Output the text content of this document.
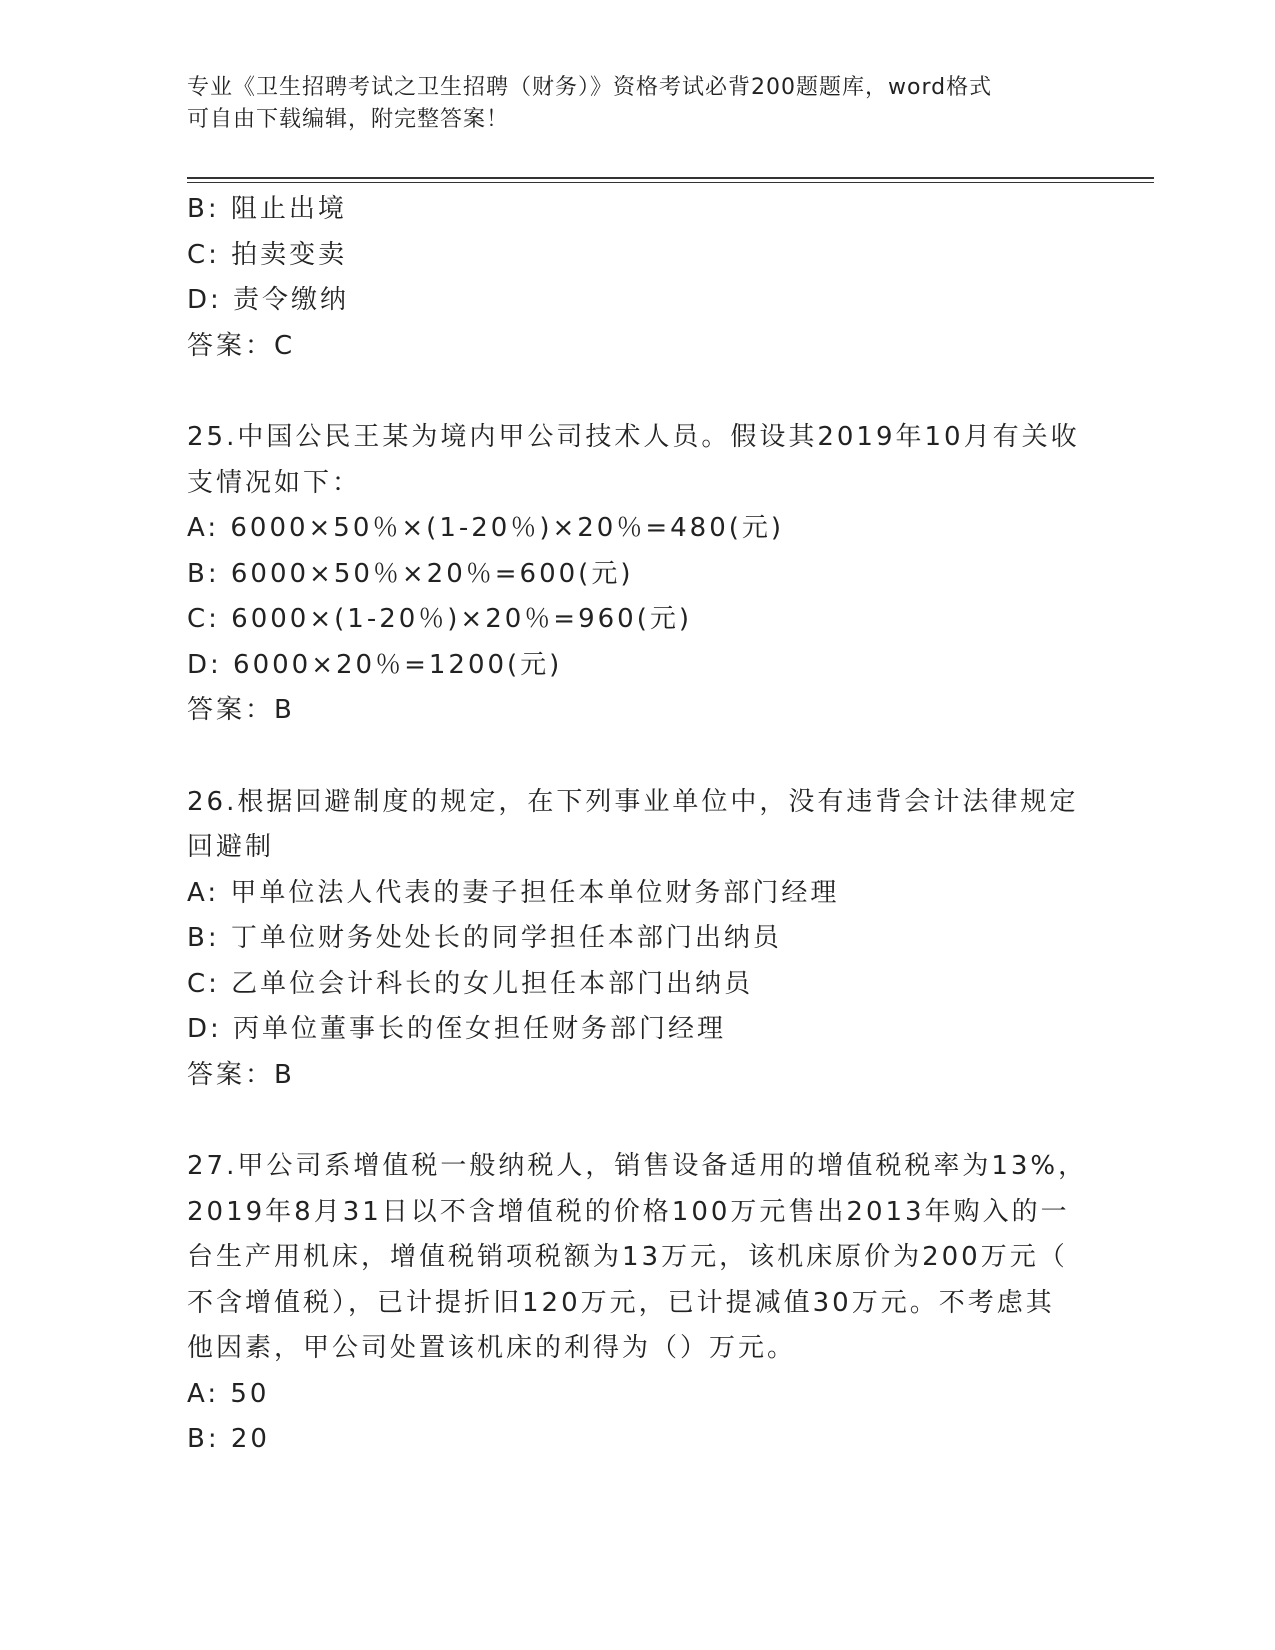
专业《卫生招聘考试之卫生招聘（财务）》资格考试必背200题题库，word格式
可自由下载编辑，附完整答案！
B: 阻止出境
C: 拍卖变卖
D: 责令缴纳
答案：C
25.中国公民王某为境内甲公司技术人员。假设其2019年10月有关收
支情况如下：
A: 6000×50％×(1-20％)×20％=480(元)
B: 6000×50％×20％=600(元)
C: 6000×(1-20％)×20％=960(元)
D: 6000×20％=1200(元)
答案：B
26.根据回避制度的规定，在下列事业单位中，没有违背会计法律规定
回避制
A: 甲单位法人代表的妻子担任本单位财务部门经理
B: 丁单位财务处处长的同学担任本部门出纳员
C: 乙单位会计科长的女儿担任本部门出纳员
D: 丙单位董事长的侄女担任财务部门经理
答案：B
27.甲公司系增值税一般纳税人，销售设备适用的增值税税率为13%，
2019年8月31日以不含增值税的价格100万元售出2013年购入的一
台生产用机床，增值税销项税额为13万元，该机床原价为200万元（
不含增值税），已计提折旧120万元，已计提减值30万元。不考虑其
他因素，甲公司处置该机床的利得为（）万元。
A: 50
B: 20
